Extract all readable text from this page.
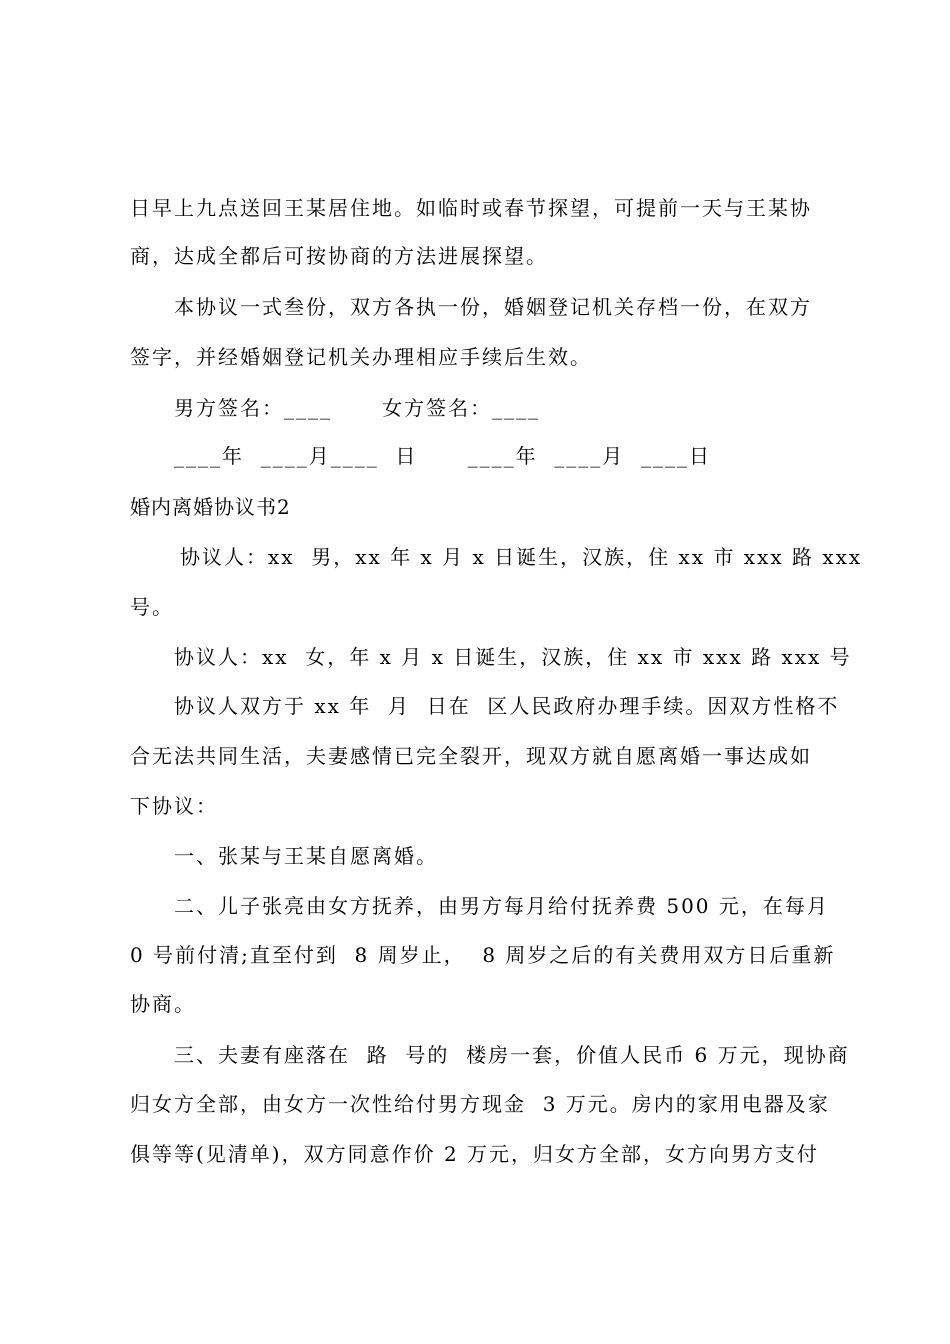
日早上九点送回王某居住地。如临时或春节探望，可提前一天与王某协

商，达成全都后可按协商的方法进展探望。

本协议一式叁份，双方各执一份，婚姻登记机关存档一份，在双方

签字，并经婚姻登记机关办理相应手续后生效。

男方签名：____      女方签名：____

____年  ____月____  日      ____年  ____月  ____日

婚内离婚协议书2

协议人：xx  男，xx 年 x 月 x 日诞生，汉族，住 xx 市 xxx 路 xxx

号。

协议人：xx  女，年 x 月 x 日诞生，汉族，住 xx 市 xxx 路 xxx 号

协议人双方于 xx 年  月  日在  区人民政府办理手续。因双方性格不

合无法共同生活，夫妻感情已完全裂开，现双方就自愿离婚一事达成如

下协议：

一、张某与王某自愿离婚。

二、儿子张亮由女方抚养，由男方每月给付抚养费 500 元，在每月

0 号前付清;直至付到  8 周岁止，  8 周岁之后的有关费用双方日后重新

协商。

三、夫妻有座落在  路  号的  楼房一套，价值人民币 6 万元，现协商

归女方全部，由女方一次性给付男方现金  3 万元。房内的家用电器及家

俱等等(见清单)，双方同意作价 2 万元，归女方全部，女方向男方支付
